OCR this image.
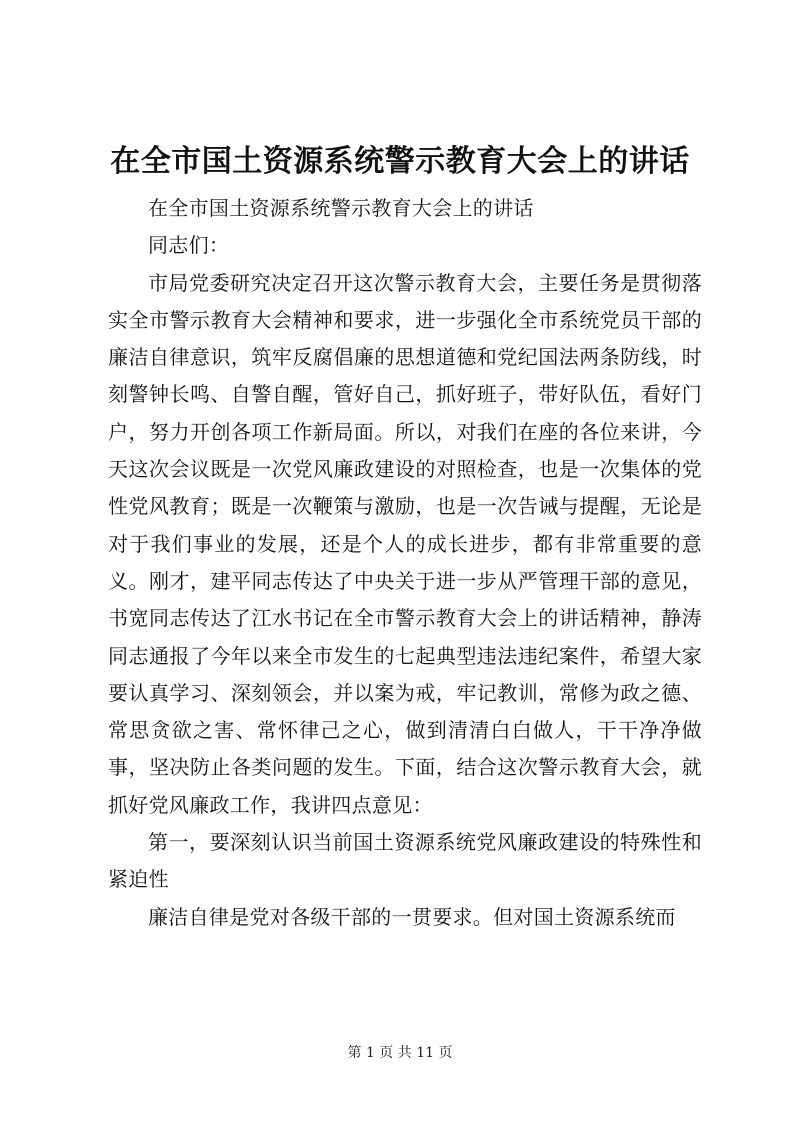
在全市国土资源系统警示教育大会上的讲话

在全市国土资源系统警示教育大会上的讲话

同志们：

市局党委研究决定召开这次警示教育大会，主要任务是贯彻落实全市警示教育大会精神和要求，进一步强化全市系统党员干部的廉洁自律意识，筑牢反腐倡廉的思想道德和党纪国法两条防线，时刻警钟长鸣、自警自醒，管好自己，抓好班子，带好队伍，看好门户，努力开创各项工作新局面。所以，对我们在座的各位来讲，今天这次会议既是一次党风廉政建设的对照检查，也是一次集体的党性党风教育；既是一次鞭策与激励，也是一次告诫与提醒，无论是对于我们事业的发展，还是个人的成长进步，都有非常重要的意义。刚才，建平同志传达了中央关于进一步从严管理干部的意见，书宽同志传达了江水书记在全市警示教育大会上的讲话精神，静涛同志通报了今年以来全市发生的七起典型违法违纪案件，希望大家要认真学习、深刻领会，并以案为戒，牢记教训，常修为政之德、常思贪欲之害、常怀律己之心，做到清清白白做人，干干净净做事，坚决防止各类问题的发生。下面，结合这次警示教育大会，就抓好党风廉政工作，我讲四点意见：

第一，要深刻认识当前国土资源系统党风廉政建设的特殊性和紧迫性

廉洁自律是党对各级干部的一贯要求。但对国土资源系统而

第 1 页 共 11 页
